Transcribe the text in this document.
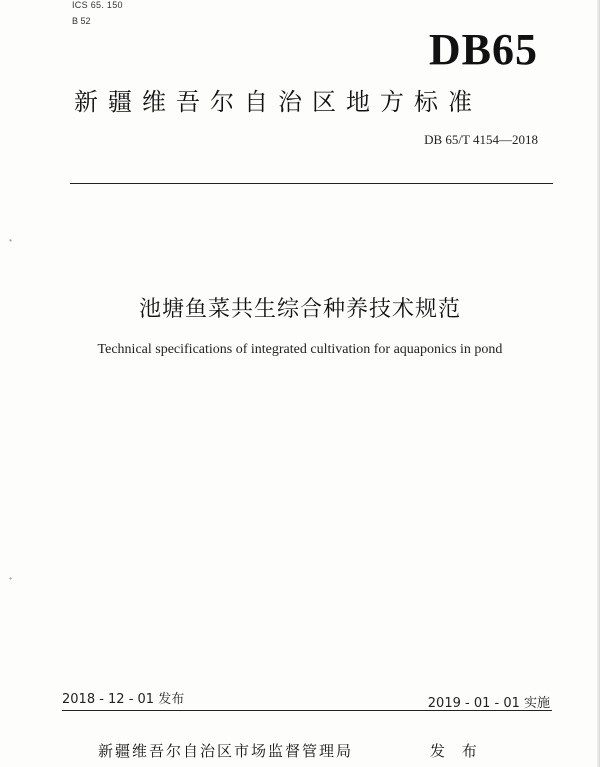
∙
∙
ICS 65. 150
B 52
DB65
新疆维吾尔自治区地方标准
DB 65/T 4154—2018
池塘鱼菜共生综合种养技术规范
Technical specifications of integrated cultivation for aquaponics in pond
2018 - 12 - 01 发布	2019 - 01 - 01 实施
新疆维吾尔自治区市场监督管理局	发 布
